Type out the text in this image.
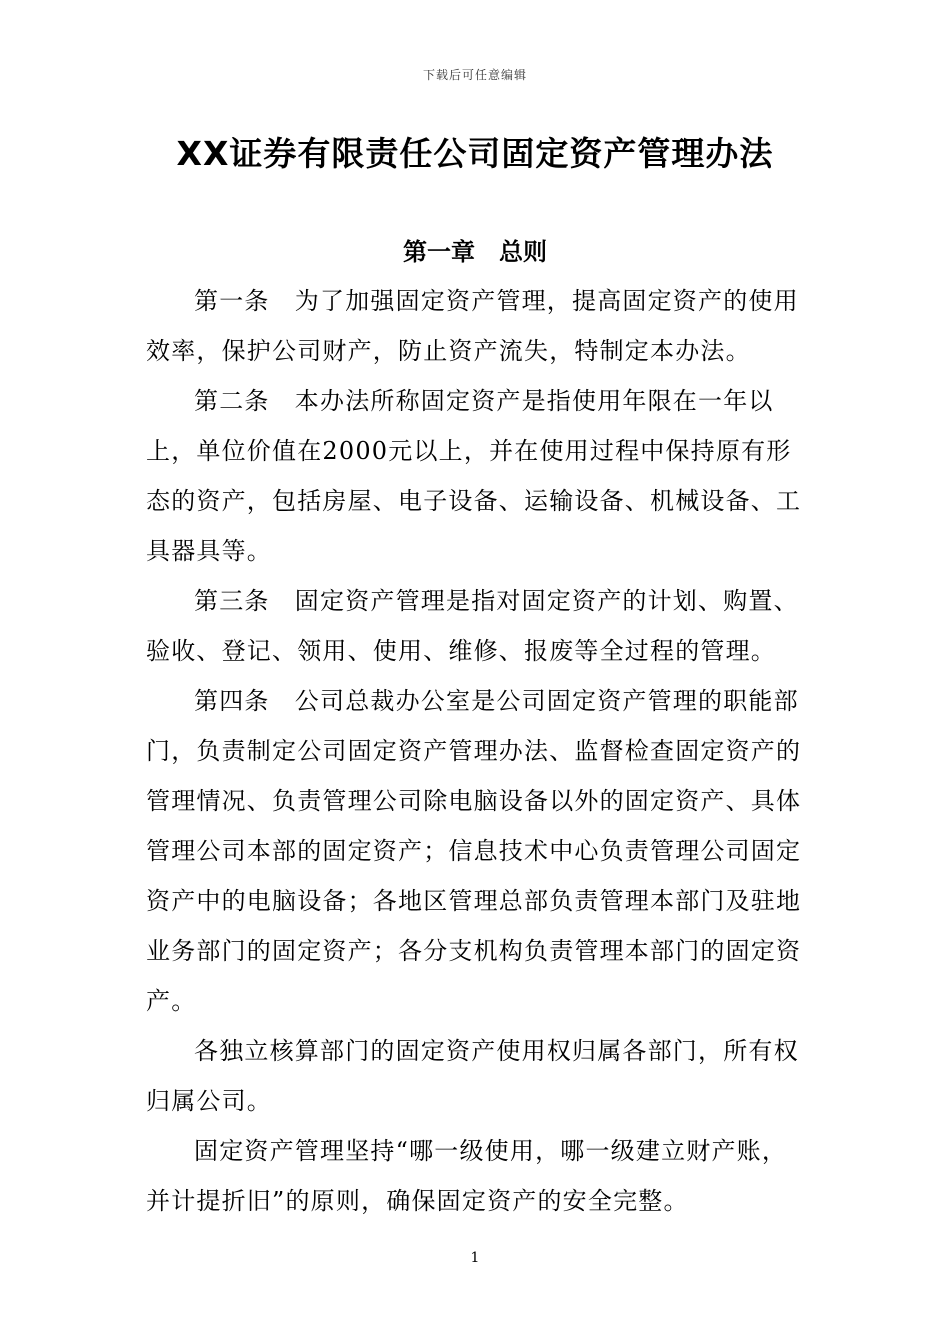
下载后可任意编辑
XX证券有限责任公司固定资产管理办法
第一章　总则

第一条　为了加强固定资产管理，提高固定资产的使用效率，保护公司财产，防止资产流失，特制定本办法。

第二条　本办法所称固定资产是指使用年限在一年以上，单位价值在2000元以上，并在使用过程中保持原有形态的资产，包括房屋、电子设备、运输设备、机械设备、工具器具等。

第三条　固定资产管理是指对固定资产的计划、购置、验收、登记、领用、使用、维修、报废等全过程的管理。

第四条　公司总裁办公室是公司固定资产管理的职能部门，负责制定公司固定资产管理办法、监督检查固定资产的管理情况、负责管理公司除电脑设备以外的固定资产、具体管理公司本部的固定资产；信息技术中心负责管理公司固定资产中的电脑设备；各地区管理总部负责管理本部门及驻地业务部门的固定资产；各分支机构负责管理本部门的固定资产。

各独立核算部门的固定资产使用权归属各部门，所有权归属公司。

固定资产管理坚持“哪一级使用，哪一级建立财产账，并计提折旧”的原则，确保固定资产的安全完整。

1
